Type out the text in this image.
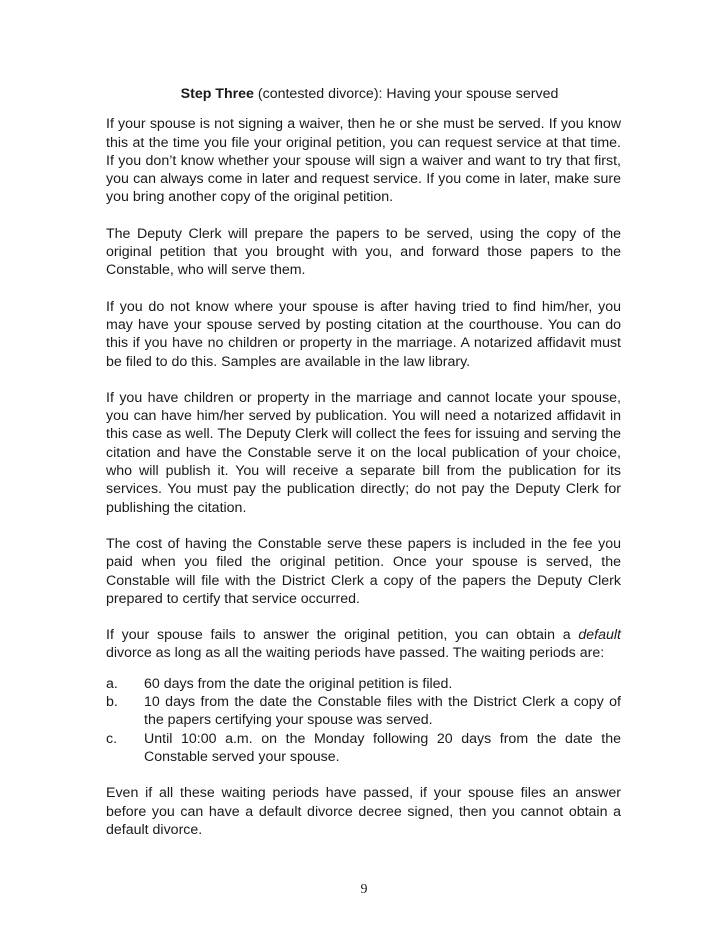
Step Three (contested divorce): Having your spouse served

If your spouse is not signing a waiver, then he or she must be served. If you know this at the time you file your original petition, you can request service at that time. If you don’t know whether your spouse will sign a waiver and want to try that first, you can always come in later and request service. If you come in later, make sure you bring another copy of the original petition.

The Deputy Clerk will prepare the papers to be served, using the copy of the original petition that you brought with you, and forward those papers to the Constable, who will serve them.

If you do not know where your spouse is after having tried to find him/her, you may have your spouse served by posting citation at the courthouse. You can do this if you have no children or property in the marriage. A notarized affidavit must be filed to do this. Samples are available in the law library.

If you have children or property in the marriage and cannot locate your spouse, you can have him/her served by publication. You will need a notarized affidavit in this case as well. The Deputy Clerk will collect the fees for issuing and serving the citation and have the Constable serve it on the local publication of your choice, who will publish it. You will receive a separate bill from the publication for its services. You must pay the publication directly; do not pay the Deputy Clerk for publishing the citation.

The cost of having the Constable serve these papers is included in the fee you paid when you filed the original petition. Once your spouse is served, the Constable will file with the District Clerk a copy of the papers the Deputy Clerk prepared to certify that service occurred.

If your spouse fails to answer the original petition, you can obtain a default divorce as long as all the waiting periods have passed. The waiting periods are:

a.	60 days from the date the original petition is filed.
b.	10 days from the date the Constable files with the District Clerk a copy of the papers certifying your spouse was served.
c.	Until 10:00 a.m. on the Monday following 20 days from the date the Constable served your spouse.

Even if all these waiting periods have passed, if your spouse files an answer before you can have a default divorce decree signed, then you cannot obtain a default divorce.

9
